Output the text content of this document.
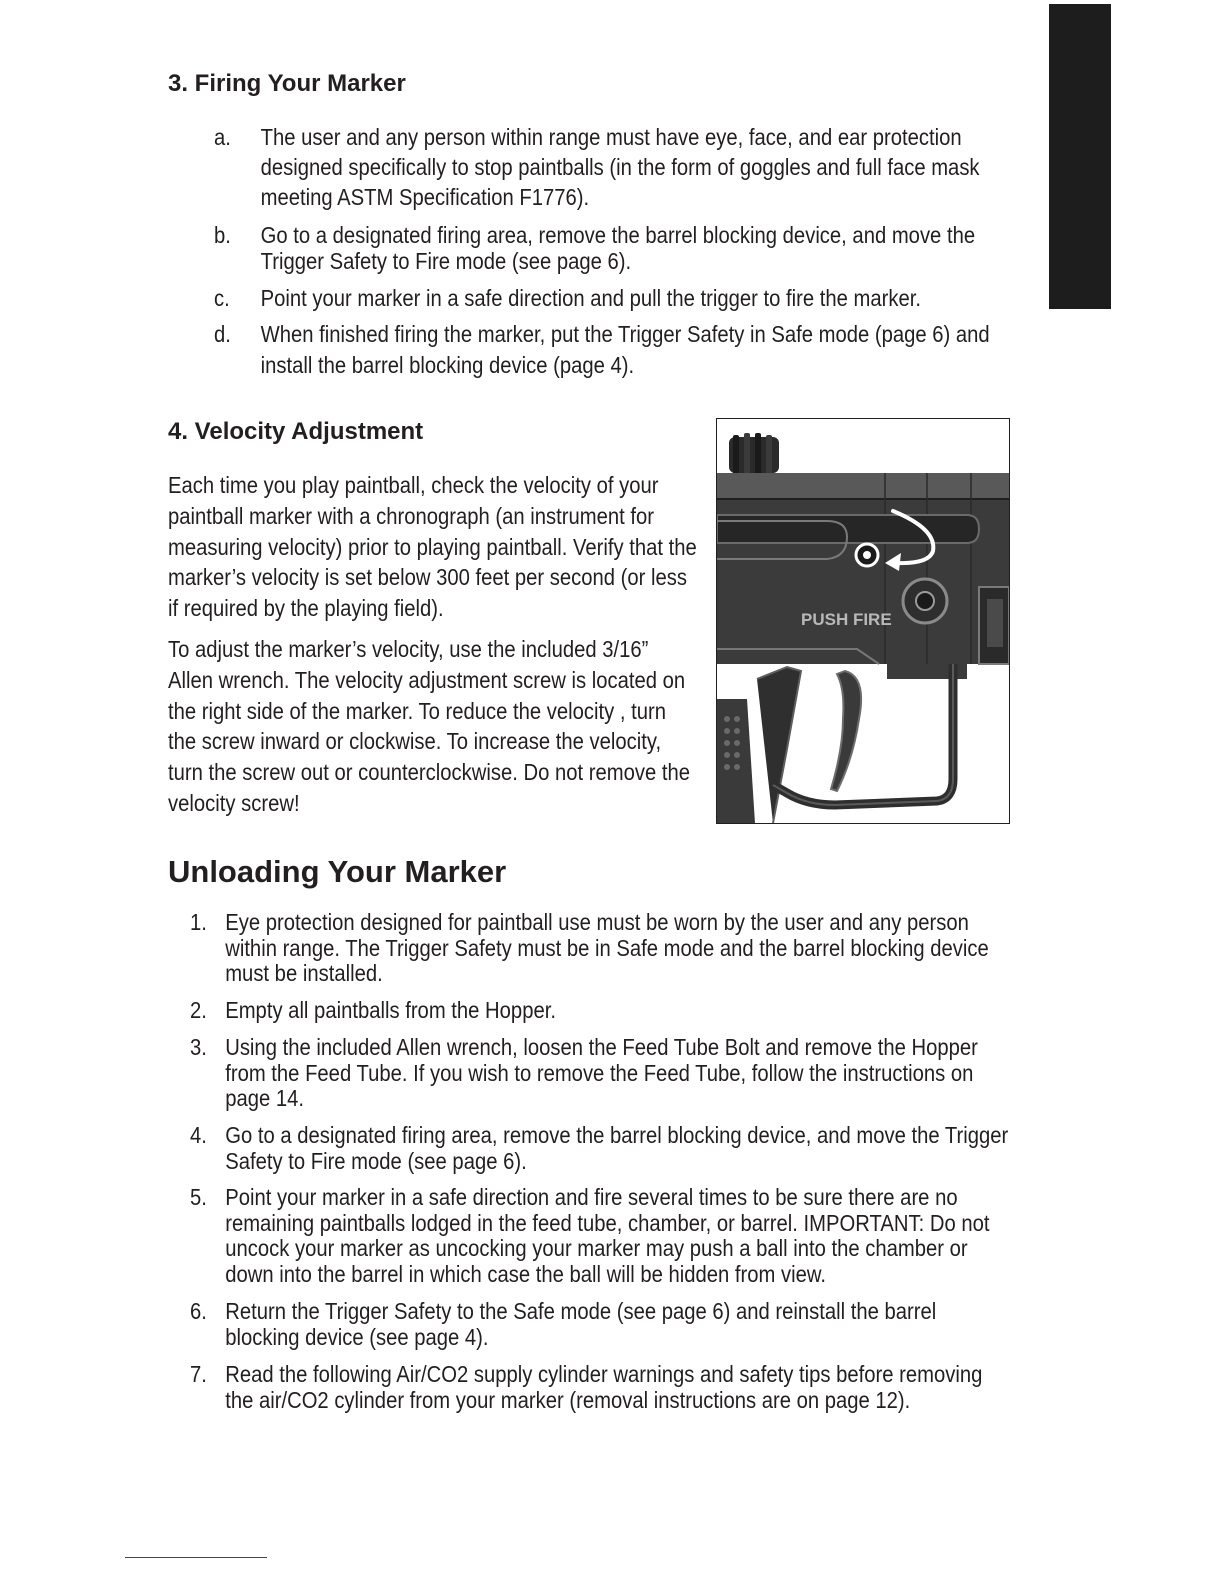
3. Firing Your Marker
a. The user and any person within range must have eye, face, and ear protection
designed specifically to stop paintballs (in the form of goggles and full face mask
meeting ASTM Specification F1776).
b. Go to a designated firing area, remove the barrel blocking device, and move the
Trigger Safety to Fire mode (see page 6).
c. Point your marker in a safe direction and pull the trigger to fire the marker.
d. When finished firing the marker, put the Trigger Safety in Safe mode (page 6) and
install the barrel blocking device (page 4).
4. Velocity Adjustment
Each time you play paintball, check the velocity of your
paintball marker with a chronograph (an instrument for
measuring velocity) prior to playing paintball. Verify that the
marker’s velocity is set below 300 feet per second (or less
if required by the playing field).
To adjust the marker’s velocity, use the included 3/16”
Allen wrench. The velocity adjustment screw is located on
the right side of the marker. To reduce the velocity , turn
the screw inward or clockwise. To increase the velocity,
turn the screw out or counterclockwise. Do not remove the
velocity screw!
PUSH FIRE
Unloading Your Marker
1. Eye protection designed for paintball use must be worn by the user and any person
within range. The Trigger Safety must be in Safe mode and the barrel blocking device
must be installed.
2. Empty all paintballs from the Hopper.
3. Using the included Allen wrench, loosen the Feed Tube Bolt and remove the Hopper
from the Feed Tube. If you wish to remove the Feed Tube, follow the instructions on
page 14.
4. Go to a designated firing area, remove the barrel blocking device, and move the Trigger
Safety to Fire mode (see page 6).
5. Point your marker in a safe direction and fire several times to be sure there are no
remaining paintballs lodged in the feed tube, chamber, or barrel. IMPORTANT: Do not
uncock your marker as uncocking your marker may push a ball into the chamber or
down into the barrel in which case the ball will be hidden from view.
6. Return the Trigger Safety to the Safe mode (see page 6) and reinstall the barrel
blocking device (see page 4).
7. Read the following Air/CO2 supply cylinder warnings and safety tips before removing
the air/CO2 cylinder from your marker (removal instructions are on page 12).
